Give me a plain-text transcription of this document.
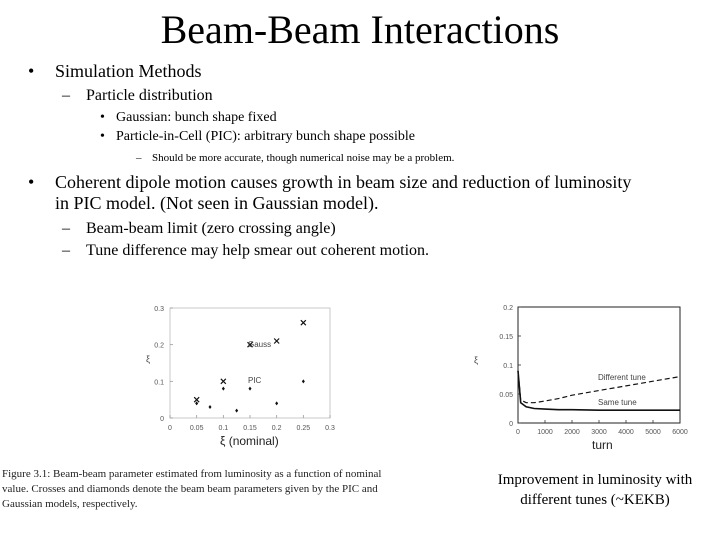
Beam-Beam Interactions
• Simulation Methods
– Particle distribution
• Gaussian: bunch shape fixed
• Particle-in-Cell (PIC): arbitrary bunch shape possible
– Should be more accurate, though numerical noise may be a problem.
• Coherent dipole motion causes growth in beam size and reduction of luminosity
in PIC model. (Not seen in Gaussian model).
– Beam-beam limit (zero crossing angle)
– Tune difference may help smear out coherent motion.
0	0.05 0.1 0.15 0.2 0.25 0.3
0.3
0.2
0.1
0
ξ
Gauss
PIC
ξ (nominal)
Figure 3.1: Beam-beam parameter estimated from luminosity as a function of nominal
value. Crosses and diamonds denote the beam beam parameters given by the PIC and
Gaussian models, respectively.
0 1000 2000 3000 4000 5000 6000
0.2
0.15
0.1
0.05
0
ξ
Different tune
Same tune
turn
Improvement in luminosity with
different tunes (~KEKB)
